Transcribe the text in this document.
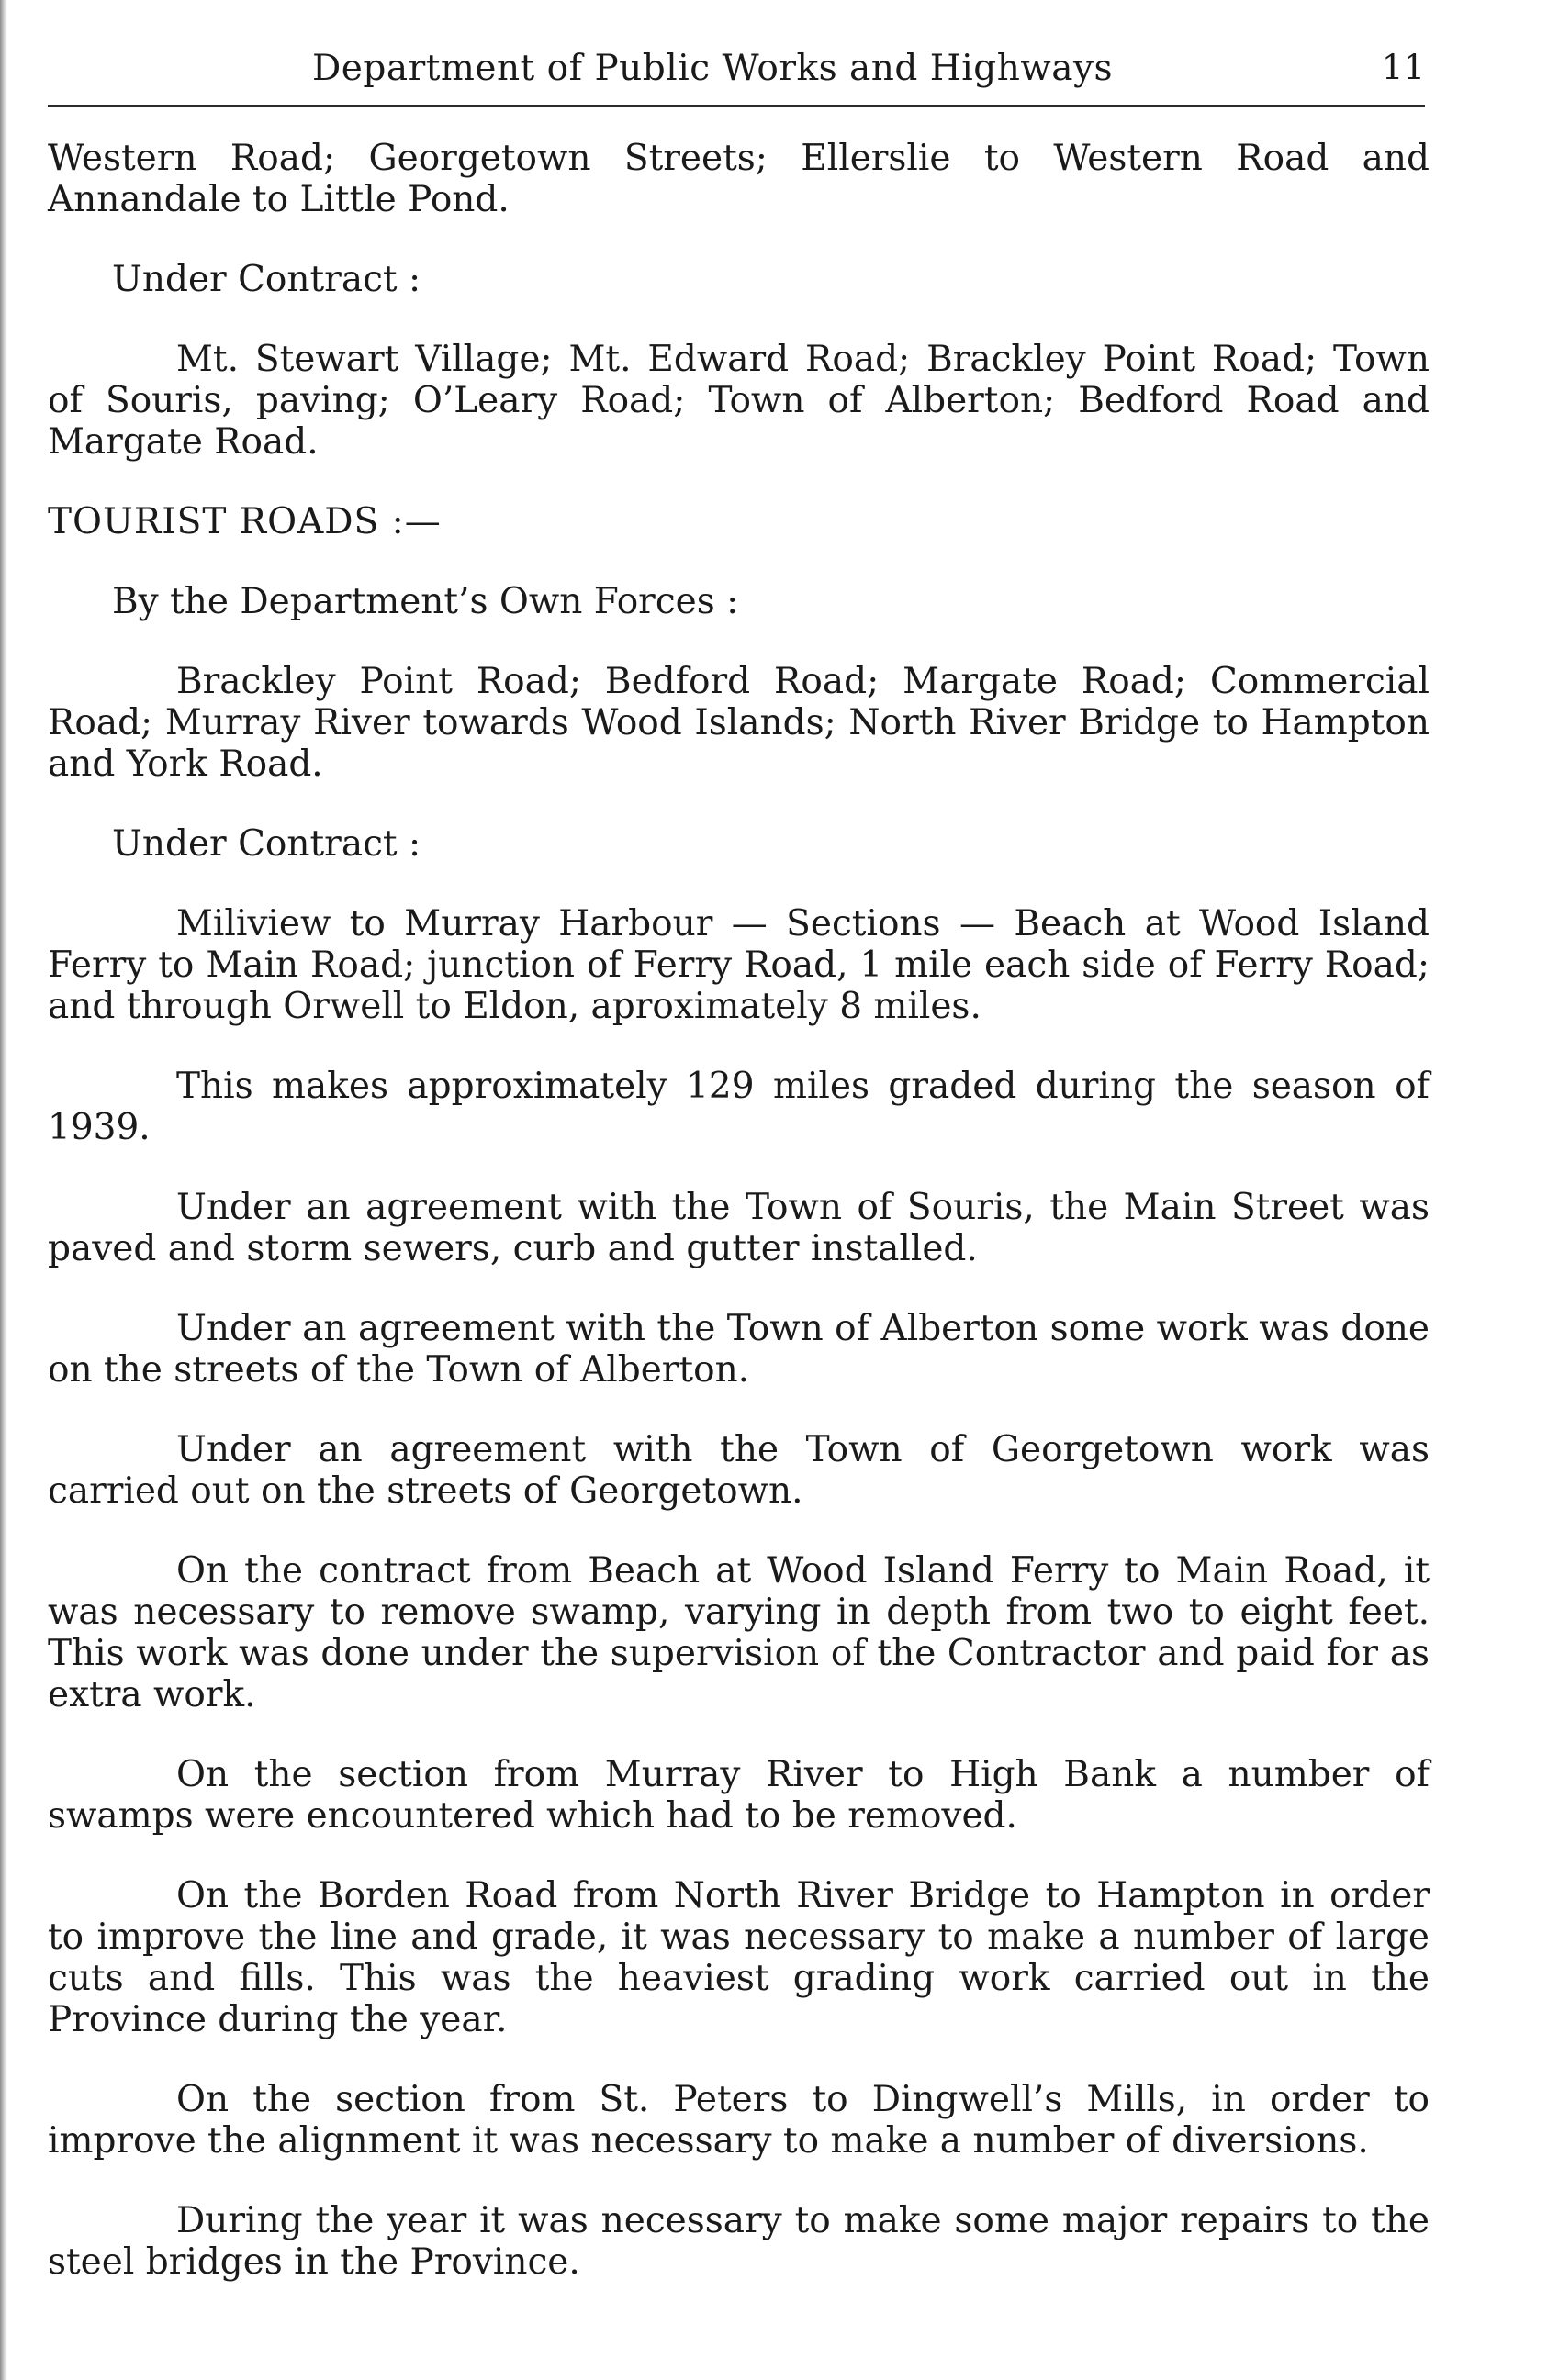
Department of Public Works and Highways	11

Western Road; Georgetown Streets; Ellerslie to Western Road and Annandale to Little Pond.

Under Contract :

Mt. Stewart Village; Mt. Edward Road; Brackley Point Road; Town of Souris, paving; O’Leary Road; Town of Alberton; Bedford Road and Margate Road.

TOURIST ROADS :—

By the Department’s Own Forces :

Brackley Point Road; Bedford Road; Margate Road; Commercial Road; Murray River towards Wood Islands; North River Bridge to Hampton and York Road.

Under Contract :

Miliview to Murray Harbour — Sections — Beach at Wood Island Ferry to Main Road; junction of Ferry Road, 1 mile each side of Ferry Road; and through Orwell to Eldon, aproximately 8 miles.

This makes approximately 129 miles graded during the season of 1939.

Under an agreement with the Town of Souris, the Main Street was paved and storm sewers, curb and gutter installed.

Under an agreement with the Town of Alberton some work was done on the streets of the Town of Alberton.

Under an agreement with the Town of Georgetown work was carried out on the streets of Georgetown.

On the contract from Beach at Wood Island Ferry to Main Road, it was necessary to remove swamp, varying in depth from two to eight feet. This work was done under the supervision of the Contractor and paid for as extra work.

On the section from Murray River to High Bank a number of swamps were encountered which had to be removed.

On the Borden Road from North River Bridge to Hampton in order to improve the line and grade, it was necessary to make a number of large cuts and fills. This was the heaviest grading work carried out in the Province during the year.

On the section from St. Peters to Dingwell’s Mills, in order to improve the alignment it was necessary to make a number of diversions.

During the year it was necessary to make some major repairs to the steel bridges in the Province.
